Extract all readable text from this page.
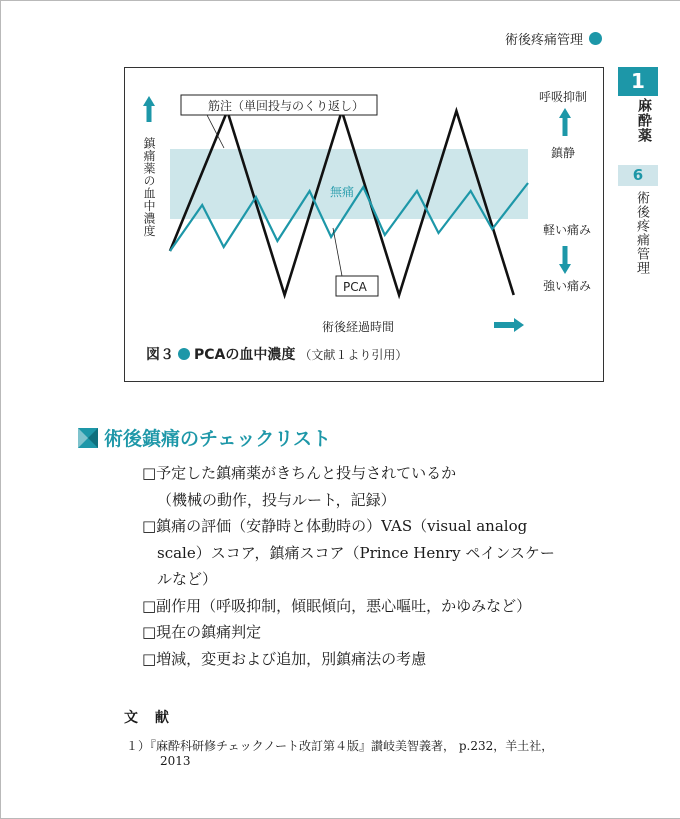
術後疼痛管理
1
麻酔薬
6
術後疼痛管理
無痛
術後経過時間
呼吸抑制
鎮静
軽い痛み
強い痛み
筋注（単回投与のくり返し）
PCA
鎮痛薬の血中濃度
図３ PCAの血中濃度 （文献１より引用）
術後鎮痛のチェックリスト
□予定した鎮痛薬がきちんと投与されているか
（機械の動作，投与ルート，記録）
□鎮痛の評価（安静時と体動時の）VAS（visual analog
scale）スコア，鎮痛スコア（Prince Henry ペインスケー
ルなど）
□副作用（呼吸抑制，傾眠傾向，悪心嘔吐，かゆみなど）
□現在の鎮痛判定
□増減，変更および追加，別鎮痛法の考慮
文 献
１）『麻酔科研修チェックノート改訂第４版』讃岐美智義著， p.232，羊土社，
2013
